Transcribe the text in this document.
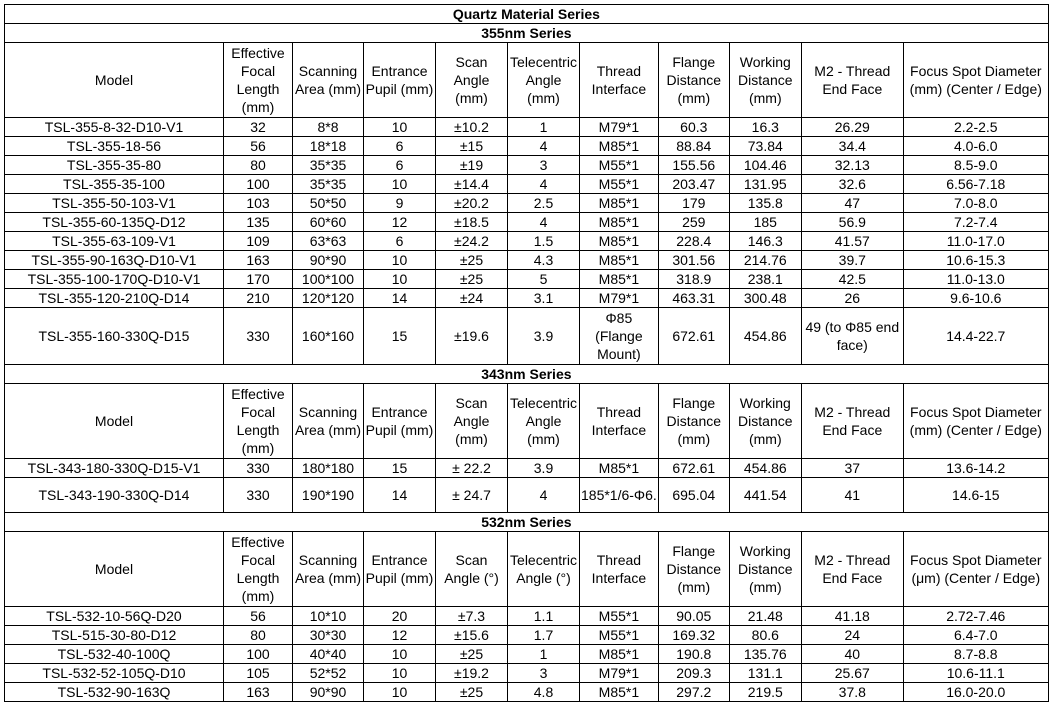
Quartz Material Series										
355nm Series										
Model	Effective Focal Length (mm)	Scanning Area (mm)	Entrance Pupil (mm)	Scan Angle (mm)	Telecentric Angle (mm)	Thread Interface	Flange Distance (mm)	Working Distance (mm)	M2 - Thread End Face	Focus Spot Diameter (mm) (Center / Edge)
TSL-355-8-32-D10-V1	32	8*8	10	±10.2	1	M79*1	60.3	16.3	26.29	2.2-2.5
TSL-355-18-56	56	18*18	6	±15	4	M85*1	88.84	73.84	34.4	4.0-6.0
TSL-355-35-80	80	35*35	6	±19	3	M55*1	155.56	104.46	32.13	8.5-9.0
TSL-355-35-100	100	35*35	10	±14.4	4	M55*1	203.47	131.95	32.6	6.56-7.18
TSL-355-50-103-V1	103	50*50	9	±20.2	2.5	M85*1	179	135.8	47	7.0-8.0
TSL-355-60-135Q-D12	135	60*60	12	±18.5	4	M85*1	259	185	56.9	7.2-7.4
TSL-355-63-109-V1	109	63*63	6	±24.2	1.5	M85*1	228.4	146.3	41.57	11.0-17.0
TSL-355-90-163Q-D10-V1	163	90*90	10	±25	4.3	M85*1	301.56	214.76	39.7	10.6-15.3
TSL-355-100-170Q-D10-V1	170	100*100	10	±25	5	M85*1	318.9	238.1	42.5	11.0-13.0
TSL-355-120-210Q-D14	210	120*120	14	±24	3.1	M79*1	463.31	300.48	26	9.6-10.6
TSL-355-160-330Q-D15	330	160*160	15	±19.6	3.9	Φ85 (Flange Mount)	672.61	454.86	49 (to Φ85 end face)	14.4-22.7
343nm Series										
Model	Effective Focal Length (mm)	Scanning Area (mm)	Entrance Pupil (mm)	Scan Angle (mm)	Telecentric Angle (mm)	Thread Interface	Flange Distance (mm)	Working Distance (mm)	M2 - Thread End Face	Focus Spot Diameter (mm) (Center / Edge)
TSL-343-180-330Q-D15-V1	330	180*180	15	± 22.2	3.9	M85*1	672.61	454.86	37	13.6-14.2
TSL-343-190-330Q-D14	330	190*190	14	± 24.7	4	185*1/6-Φ6.	695.04	441.54	41	14.6-15
532nm Series										
Model	Effective Focal Length (mm)	Scanning Area (mm)	Entrance Pupil (mm)	Scan Angle (°)	Telecentric Angle (°)	Thread Interface	Flange Distance (mm)	Working Distance (mm)	M2 - Thread End Face	Focus Spot Diameter (μm) (Center / Edge)
TSL-532-10-56Q-D20	56	10*10	20	±7.3	1.1	M55*1	90.05	21.48	41.18	2.72-7.46
TSL-515-30-80-D12	80	30*30	12	±15.6	1.7	M55*1	169.32	80.6	24	6.4-7.0
TSL-532-40-100Q	100	40*40	10	±25	1	M85*1	190.8	135.76	40	8.7-8.8
TSL-532-52-105Q-D10	105	52*52	10	±19.2	3	M79*1	209.3	131.1	25.67	10.6-11.1
TSL-532-90-163Q	163	90*90	10	±25	4.8	M85*1	297.2	219.5	37.8	16.0-20.0
